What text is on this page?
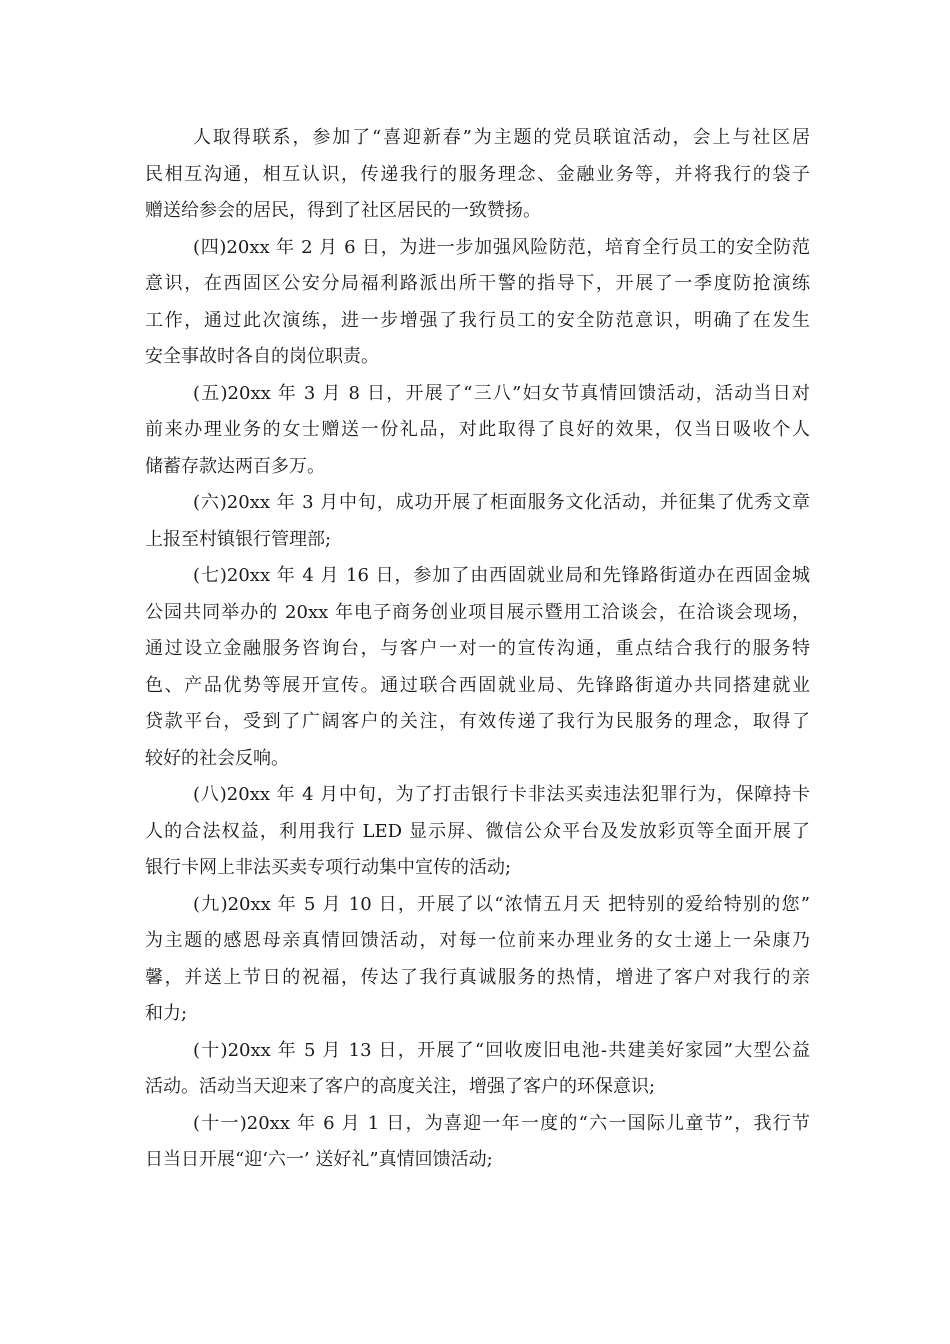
人取得联系，参加了“喜迎新春”为主题的党员联谊活动，会上与社区居
民相互沟通，相互认识，传递我行的服务理念、金融业务等，并将我行的袋子
赠送给参会的居民，得到了社区居民的一致赞扬。
(四)20xx 年 2 月 6 日，为进一步加强风险防范，培育全行员工的安全防范
意识，在西固区公安分局福利路派出所干警的指导下，开展了一季度防抢演练
工作，通过此次演练，进一步增强了我行员工的安全防范意识，明确了在发生
安全事故时各自的岗位职责。
(五)20xx 年 3 月 8 日，开展了“三八”妇女节真情回馈活动，活动当日对
前来办理业务的女士赠送一份礼品，对此取得了良好的效果，仅当日吸收个人
储蓄存款达两百多万。
(六)20xx 年 3 月中旬，成功开展了柜面服务文化活动，并征集了优秀文章
上报至村镇银行管理部;
(七)20xx 年 4 月 16 日，参加了由西固就业局和先锋路街道办在西固金城
公园共同举办的 20xx 年电子商务创业项目展示暨用工洽谈会，在洽谈会现场，
通过设立金融服务咨询台，与客户一对一的宣传沟通，重点结合我行的服务特
色、产品优势等展开宣传。通过联合西固就业局、先锋路街道办共同搭建就业
贷款平台，受到了广阔客户的关注，有效传递了我行为民服务的理念，取得了
较好的社会反响。
(八)20xx 年 4 月中旬，为了打击银行卡非法买卖违法犯罪行为，保障持卡
人的合法权益，利用我行 LED 显示屏、微信公众平台及发放彩页等全面开展了
银行卡网上非法买卖专项行动集中宣传的活动;
(九)20xx 年 5 月 10 日，开展了以“浓情五月天 把特别的爱给特别的您”
为主题的感恩母亲真情回馈活动，对每一位前来办理业务的女士递上一朵康乃
馨，并送上节日的祝福，传达了我行真诚服务的热情，增进了客户对我行的亲
和力;
(十)20xx 年 5 月 13 日，开展了“回收废旧电池-共建美好家园”大型公益
活动。活动当天迎来了客户的高度关注，增强了客户的环保意识;
(十一)20xx 年 6 月 1 日，为喜迎一年一度的“六一国际儿童节”，我行节
日当日开展“迎‘六一’ 送好礼”真情回馈活动;
